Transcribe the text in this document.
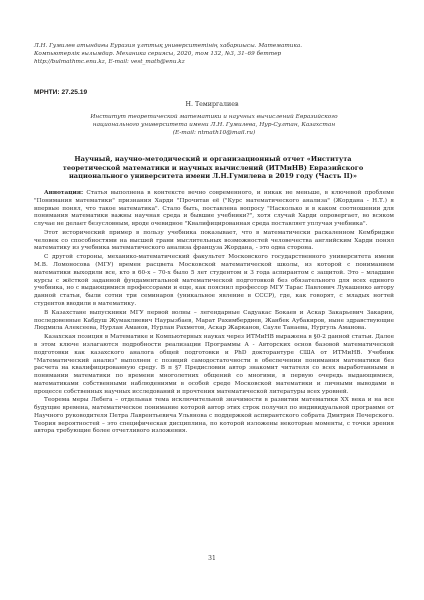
Л.Н. Гумилев атындағы Еуразия ұлттық университетінің хабаршысы. Математика.
Компьютерлік ғылымдар. Механика сериясы, 2020, том 132, №3, 31–69 беттер
http://bulmathmc.enu.kz, E-mail: vest_math@enu.kz
МРНТИ: 27.25.19
Н. Темиргалиев
Институт теоретической математики и научных вычислений Евразийского
национального университета имени Л.Н. Гумилева, Нур-Султан, Казахстан
(E-mail: ntmath10@mail.ru)
Научный, научно-методический и организационный отчет «Института
теоретической математики и научных вычислений (ИТМиНВ) Евразийского
национального университета имени Л.Н.Гумилева в 2019 году (Часть II)»

Аннотация: Статья выполнена в контексте вечно современного, и никак не меньше, в ключевой проблеме "Понимания математики" признания Харди "Прочитав её ("Курс математического анализа" (Жордана - Н.Т.) я впервые понял, что такое математика". Стало быть, поставлена вопросу "Насколько и в каком соотношении для понимания математики важны научная среда и бывшие учебники?", хотя случай Харди опровергает, во всяком случае не делает безусловным, вроде очевидное "Квалифицированная среда поставляет уплучая учебника".

Этот исторический пример в пользу учебника показывает, что в математически раскаленном Кембридже человек со способностями на высшей грани мыслительных возможностей человечества английским Харди понял математику из учебника математического анализа француза Жордана, - это одна сторона.

С другой стороны, механико-математический факультет Московского государственного университета имени М.В. Ломоносова (МГУ) времен расцвета Московской математической школы, из которой с пониманием математики выходили все, кто в 60-х – 70-х было 5 лет студентом и 3 года аспирантом с защитой. Это – младшие курсы с жёсткой заданной фундаментальной математической подготовкой без обязательного для всех единого учебника, но с выдающимися профессорами и еще, как пояснил профессор МГУ Тарас Павлович Лукашенко автору данной статьи, были сотни три семинаров (уникальное явление в СССР), где, как говорят, с младых ногтей студентов вводили в математику.

В Казахстане выпускники МГУ первой волны – легендарные Садуакас Бокаев и Аскар Закарьевич Закарин, последовенные Кабдуш Жумаклиевич Наурызбаев, Марат Рахимбердиев, Жанбек Аубакиров, ныне здравствующие Людмила Алексеева, Нурлан Аманов, Нурлан Рахметов, Аскар Жарканов, Сауле Танаева, Нургуль Аманова.

Казахская позиция в Математике и Компьютерных науках через ИТМиНВ выражена в §0-2 данной статьи. Далее в этом ключе излагаются подробности реализации Программы A - Авторских основ базовой математической подготовки как казахского аналога общей подготовки и PhD докторантуре США от ИТМиНВ. Учебник "Математический анализ" выполнен с позиций самодостаточности в обеспечении понимания математики без расчета на квалифицированную среду. В п §7 Предисловии автор знакомит читателя со всех выработанными в понимании математики по времени многолетних общений со многими, в первую очередь выдающимися, математиками собственными наблюдениями в особой среде Московской математики и личными выводами в процессе собственных научных исследований и прочтения математической литературы всех уровней.

Теорема меры Лебега – отдельная тема исключительной значимости в развитии математики XX века и на все будущие времена, математическое понимание которой автор этих строк получил по индивидуальной программе от Научного руководителя Петра Лаврентьевича Ульянова с поддержкой аспирантского собрата Дмитрия Печерского. Теория вероятностей – это специфическая дисциплина, по которой изложены некоторые моменты, с точки зрения автора требующие более отчетливого изложения.

31
